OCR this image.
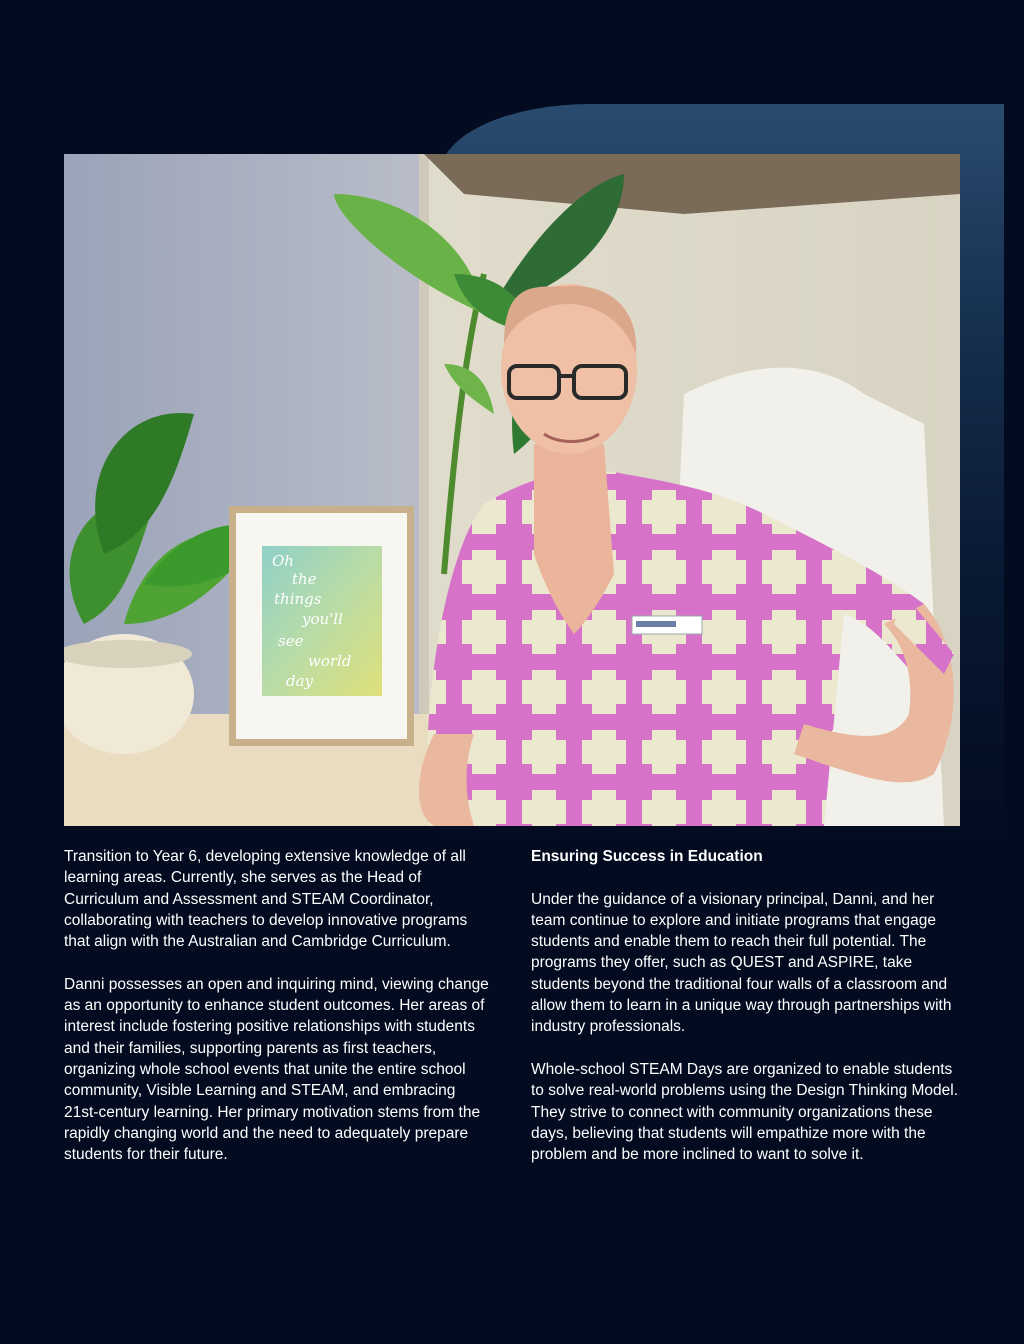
Oh
the
things
you'll
see
world
day

Transition to Year 6, developing extensive knowledge of all learning areas. Currently, she serves as the Head of Curriculum and Assessment and STEAM Coordinator, collaborating with teachers to develop innovative programs that align with the Australian and Cambridge Curriculum.

Danni possesses an open and inquiring mind, viewing change as an opportunity to enhance student outcomes. Her areas of interest include fostering positive relationships with students and their families, supporting parents as first teachers, organizing whole school events that unite the entire school community, Visible Learning and STEAM, and embracing 21st-century learning. Her primary motivation stems from the rapidly changing world and the need to adequately prepare students for their future.

Ensuring Success in Education

Under the guidance of a visionary principal, Danni, and her team continue to explore and initiate programs that engage students and enable them to reach their full potential. The programs they offer, such as QUEST and ASPIRE, take students beyond the traditional four walls of a classroom and allow them to learn in a unique way through partnerships with industry professionals.

Whole-school STEAM Days are organized to enable students to solve real-world problems using the Design Thinking Model. They strive to connect with community organizations these days, believing that students will empathize more with the problem and be more inclined to want to solve it.
